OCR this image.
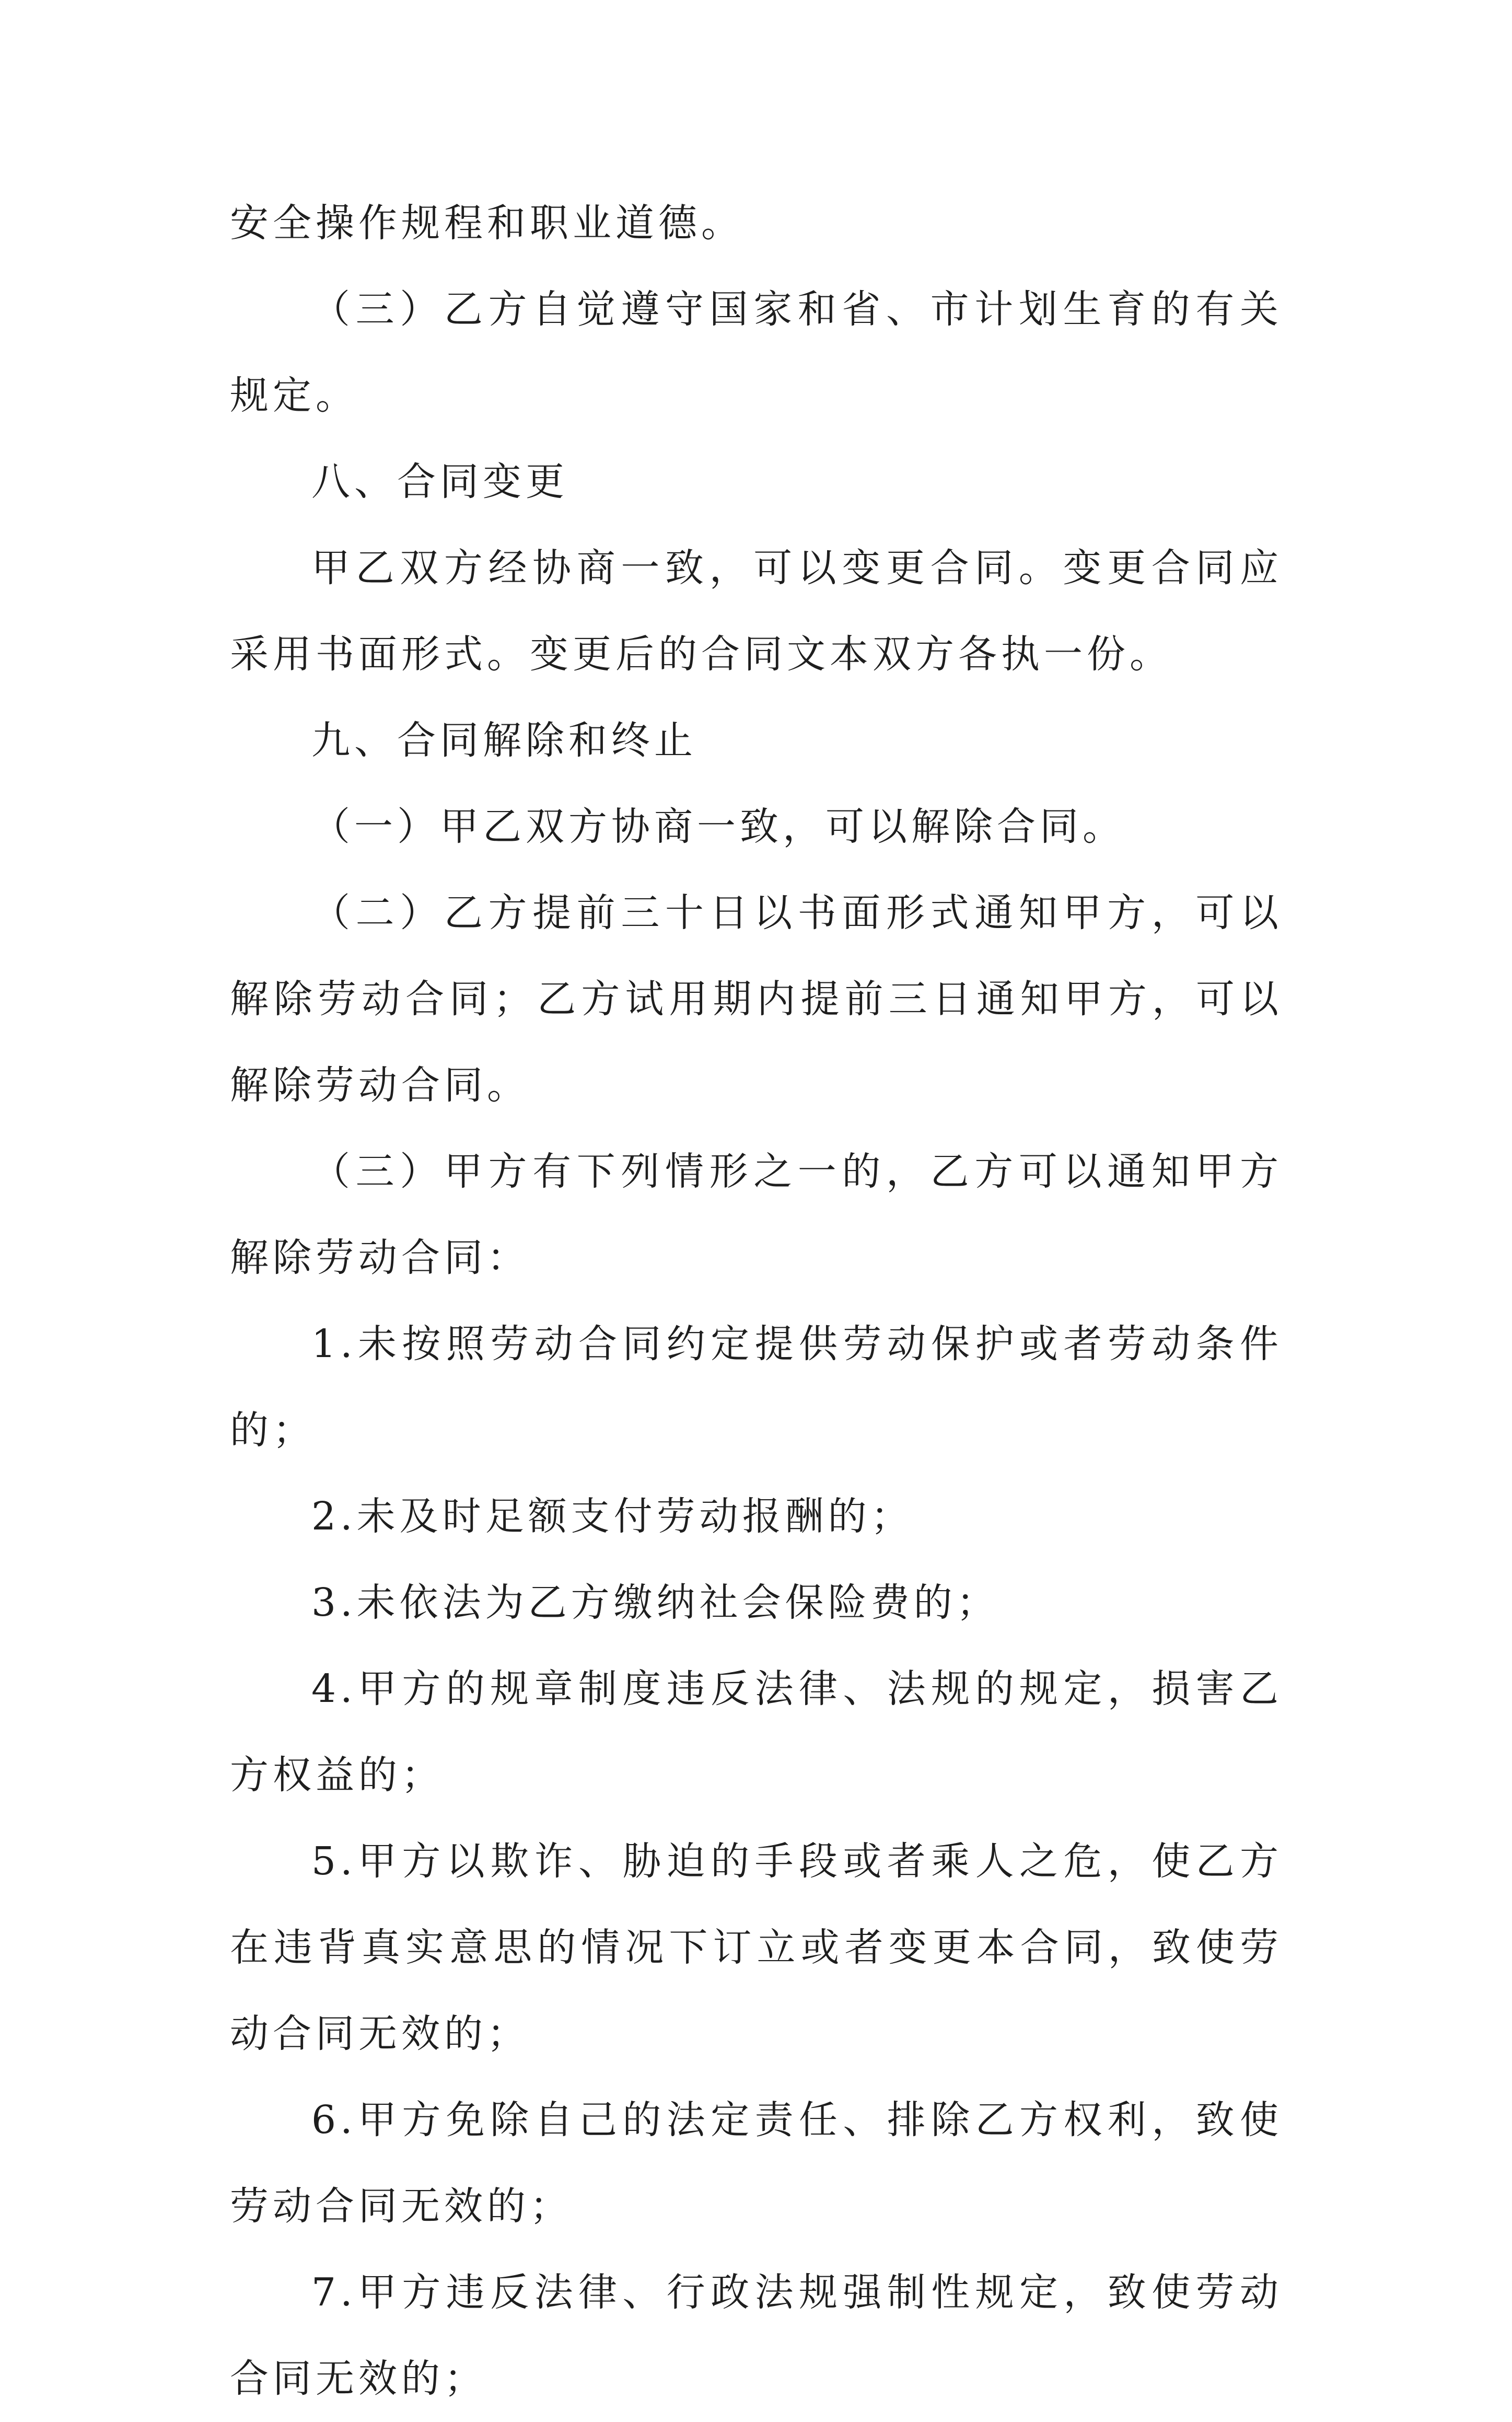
安全操作规程和职业道德。

（三）乙方自觉遵守国家和省、市计划生育的有关规定。

八、合同变更

甲乙双方经协商一致，可以变更合同。变更合同应采用书面形式。变更后的合同文本双方各执一份。

九、合同解除和终止

（一）甲乙双方协商一致，可以解除合同。

（二）乙方提前三十日以书面形式通知甲方，可以解除劳动合同；乙方试用期内提前三日通知甲方，可以解除劳动合同。

（三）甲方有下列情形之一的，乙方可以通知甲方解除劳动合同：

1.未按照劳动合同约定提供劳动保护或者劳动条件的；

2.未及时足额支付劳动报酬的；

3.未依法为乙方缴纳社会保险费的；

4.甲方的规章制度违反法律、法规的规定，损害乙方权益的；

5.甲方以欺诈、胁迫的手段或者乘人之危，使乙方在违背真实意思的情况下订立或者变更本合同，致使劳动合同无效的；

6.甲方免除自己的法定责任、排除乙方权利，致使劳动合同无效的；

7.甲方违反法律、行政法规强制性规定，致使劳动合同无效的；
